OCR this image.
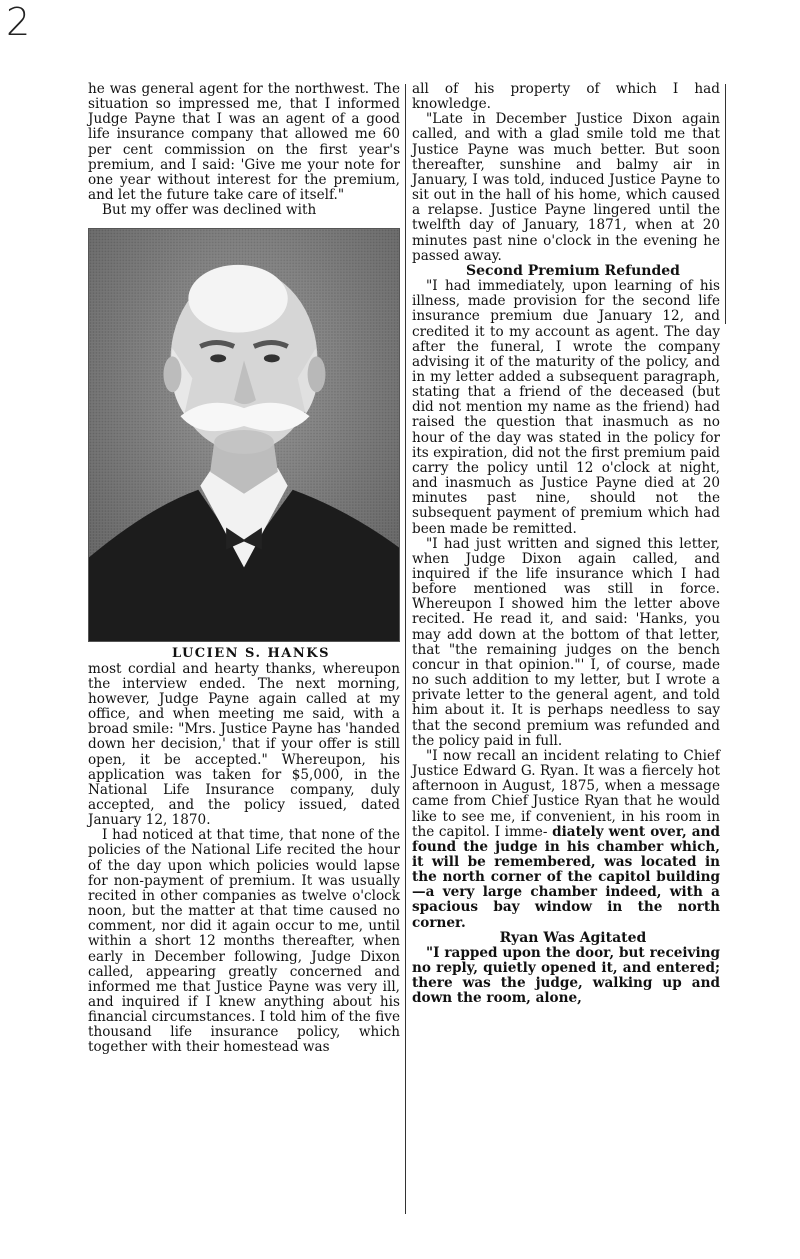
2

he was general agent for the northwest. The situation so impressed me, that I informed Judge Payne that I was an agent of a good life insurance company that allowed me 60 per cent commission on the first year's premium, and I said: 'Give me your note for one year without interest for the premium, and let the future take care of itself."

But my offer was declined with

LUCIEN S. HANKS

most cordial and hearty thanks, whereupon the interview ended. The next morning, however, Judge Payne again called at my office, and when meeting me said, with a broad smile: "Mrs. Justice Payne has 'handed down her decision,' that if your offer is still open, it be accepted." Whereupon, his application was taken for $5,000, in the National Life Insurance company, duly accepted, and the policy issued, dated January 12, 1870.

I had noticed at that time, that none of the policies of the National Life recited the hour of the day upon which policies would lapse for non-payment of premium. It was usually recited in other companies as twelve o'clock noon, but the matter at that time caused no comment, nor did it again occur to me, until within a short 12 months thereafter, when early in December following, Judge Dixon called, appearing greatly concerned and informed me that Justice Payne was very ill, and inquired if I knew anything about his financial circumstances. I told him of the five thousand life insurance policy, which together with their homestead was

all of his property of which I had knowledge.

"Late in December Justice Dixon again called, and with a glad smile told me that Justice Payne was much better. But soon thereafter, sunshine and balmy air in January, I was told, induced Justice Payne to sit out in the hall of his home, which caused a relapse. Justice Payne lingered until the twelfth day of January, 1871, when at 20 minutes past nine o'clock in the evening he passed away.

Second Premium Refunded

"I had immediately, upon learning of his illness, made provision for the second life insurance premium due January 12, and credited it to my account as agent. The day after the funeral, I wrote the company advising it of the maturity of the policy, and in my letter added a subsequent paragraph, stating that a friend of the deceased (but did not mention my name as the friend) had raised the question that inasmuch as no hour of the day was stated in the policy for its expiration, did not the first premium paid carry the policy until 12 o'clock at night, and inasmuch as Justice Payne died at 20 minutes past nine, should not the subsequent payment of premium which had been made be remitted.

"I had just written and signed this letter, when Judge Dixon again called, and inquired if the life insurance which I had before mentioned was still in force. Whereupon I showed him the letter above recited. He read it, and said: 'Hanks, you may add down at the bottom of that letter, that "the remaining judges on the bench concur in that opinion."' I, of course, made no such addition to my letter, but I wrote a private letter to the general agent, and told him about it. It is perhaps needless to say that the second premium was refunded and the policy paid in full.

"I now recall an incident relating to Chief Justice Edward G. Ryan. It was a fiercely hot afternoon in August, 1875, when a message came from Chief Justice Ryan that he would like to see me, if convenient, in his room in the capitol. I imme- diately went over, and found the judge in his chamber which, it will be remembered, was located in the north corner of the capitol building —a very large chamber indeed, with a spacious bay window in the north corner.

Ryan Was Agitated

"I rapped upon the door, but receiving no reply, quietly opened it, and entered; there was the judge, walking up and down the room, alone,
